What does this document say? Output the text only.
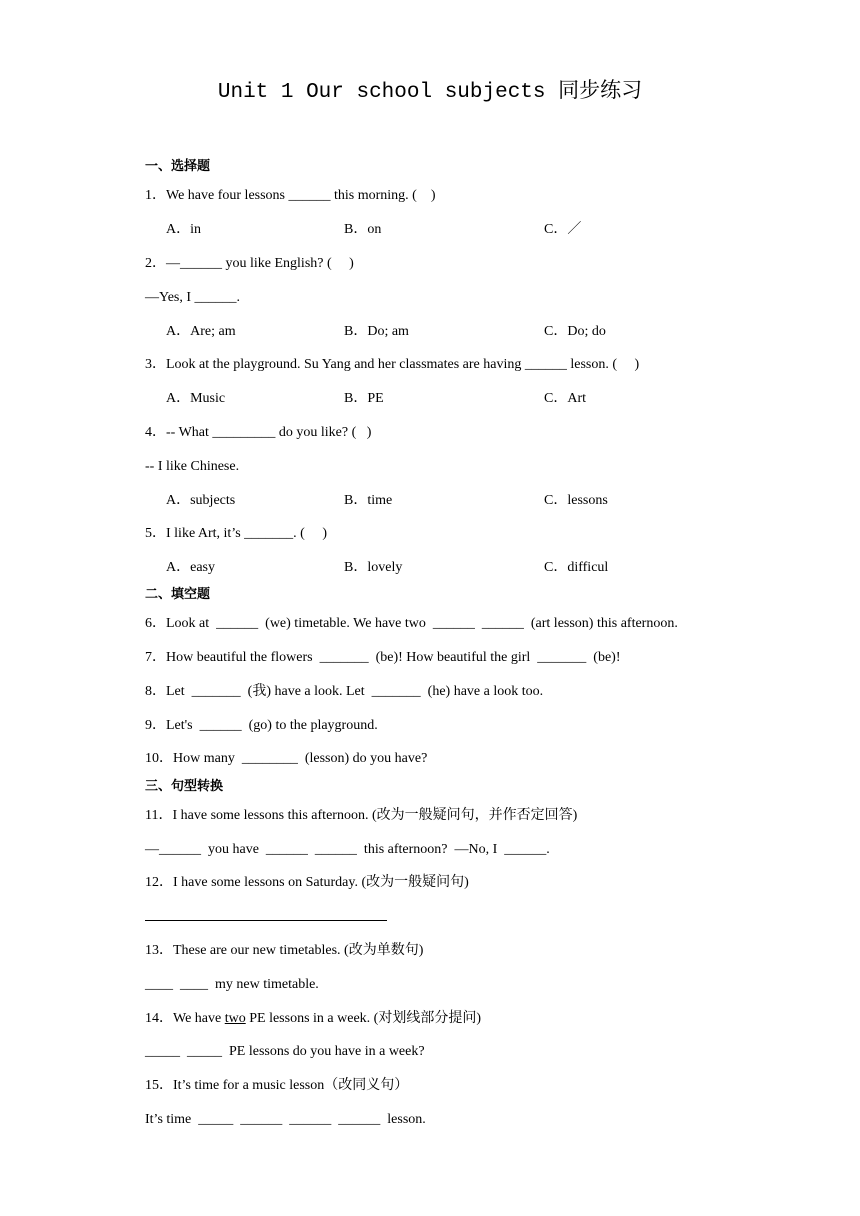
Unit 1 Our school subjects 同步练习
一、选择题
1．We have four lessons ______ this morning. (    )
A．in	B．on	C．／
2．—______ you like English? (     )
—Yes, I ______.
A．Are; am	B．Do; am	C．Do; do
3．Look at the playground. Su Yang and her classmates are having ______ lesson. (     )
A．Music	B．PE	C．Art
4．-- What _________ do you like? (   )
-- I like Chinese.
A．subjects	B．time	C．lessons
5．I like Art, it’s _______. (     )
A．easy	B．lovely	C．difficul
二、填空题
6．Look at  ______  (we) timetable. We have two  ______  ______  (art lesson) this afternoon.
7．How beautiful the flowers  _______  (be)! How beautiful the girl  _______  (be)!
8．Let  _______  (我) have a look. Let  _______  (he) have a look too.
9．Let's  ______  (go) to the playground.
10．How many  ________  (lesson) do you have?
三、句型转换
11．I have some lessons this afternoon. (改为一般疑问句，并作否定回答)
—______  you have  ______  ______  this afternoon?  —No, I  ______.
12．I have some lessons on Saturday. (改为一般疑问句)
13．These are our new timetables. (改为单数句)
____  ____  my new timetable.
14．We have two PE lessons in a week. (对划线部分提问)
_____  _____  PE lessons do you have in a week?
15．It’s time for a music lesson（改同义句）
It’s time  _____  ______  ______  ______  lesson.
